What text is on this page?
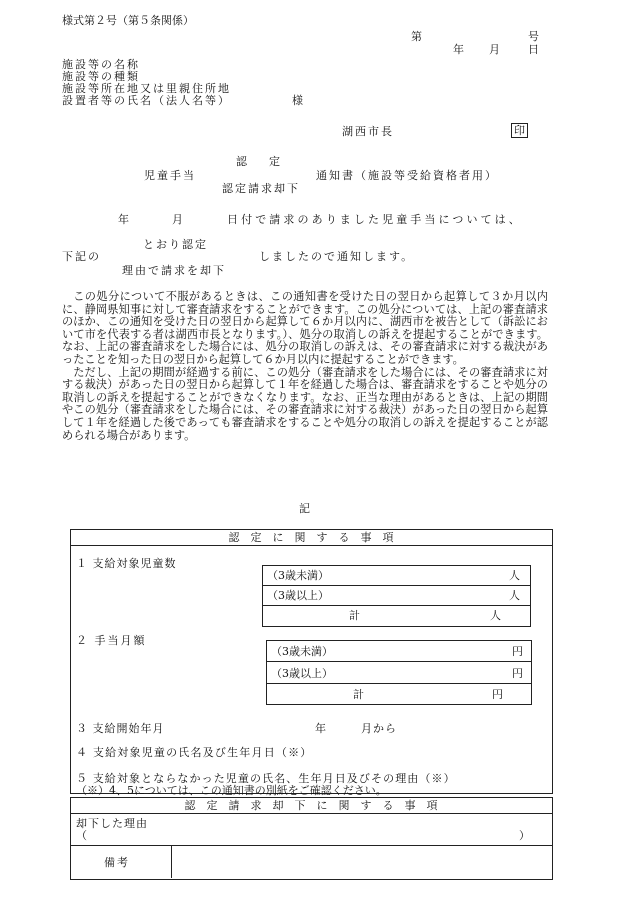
様式第２号（第５条関係）
第	号
年 月	日
施設等の名称
施設等の種類
施設等所在地又は里親住所地
設置者等の氏名（法人名等）	様
湖西市長	印
認　　定
児童手当	通知書（施設等受給資格者用）
認定請求却下
年	月	日付で請求のありました児童手当については、
とおり認定
下記の	しましたので通知します。
理由で請求を却下

この処分について不服があるときは、この通知書を受けた日の翌日から起算して３か月以内に、静岡県知事に対して審査請求をすることができます。この処分については、上記の審査請求のほか、この通知を受けた日の翌日から起算して６か月以内に、湖西市を被告として（訴訟において市を代表する者は湖西市長となります。）、処分の取消しの訴えを提起することができます。なお、上記の審査請求をした場合には、処分の取消しの訴えは、その審査請求に対する裁決があったことを知った日の翌日から起算して６か月以内に提起することができます。

ただし、上記の期間が経過する前に、この処分（審査請求をした場合には、その審査請求に対する裁決）があった日の翌日から起算して１年を経過した場合は、審査請求をすることや処分の取消しの訴えを提起することができなくなります。なお、正当な理由があるときは、上記の期間やこの処分（審査請求をした場合には、その審査請求に対する裁決）があった日の翌日から起算して１年を経過した後であっても審査請求をすることや処分の取消しの訴えを提起することが認められる場合があります。

記
認　定　に　関　す　る　事　項
１ 支給対象児童数
（3歳未満）	人
（3歳以上）	人
計	人
２ 手当月額
（3歳未満）	円
（3歳以上）	円
計	円
３ 支給開始年月	年	月から
４ 支給対象児童の氏名及び生年月日（※）
５ 支給対象とならなかった児童の氏名、生年月日及びその理由（※）
（※）4、5については、この通知書の別紙をご確認ください。
認　定　請　求　却　下　に　関　す　る　事　項
却下した理由
（	）
備考
